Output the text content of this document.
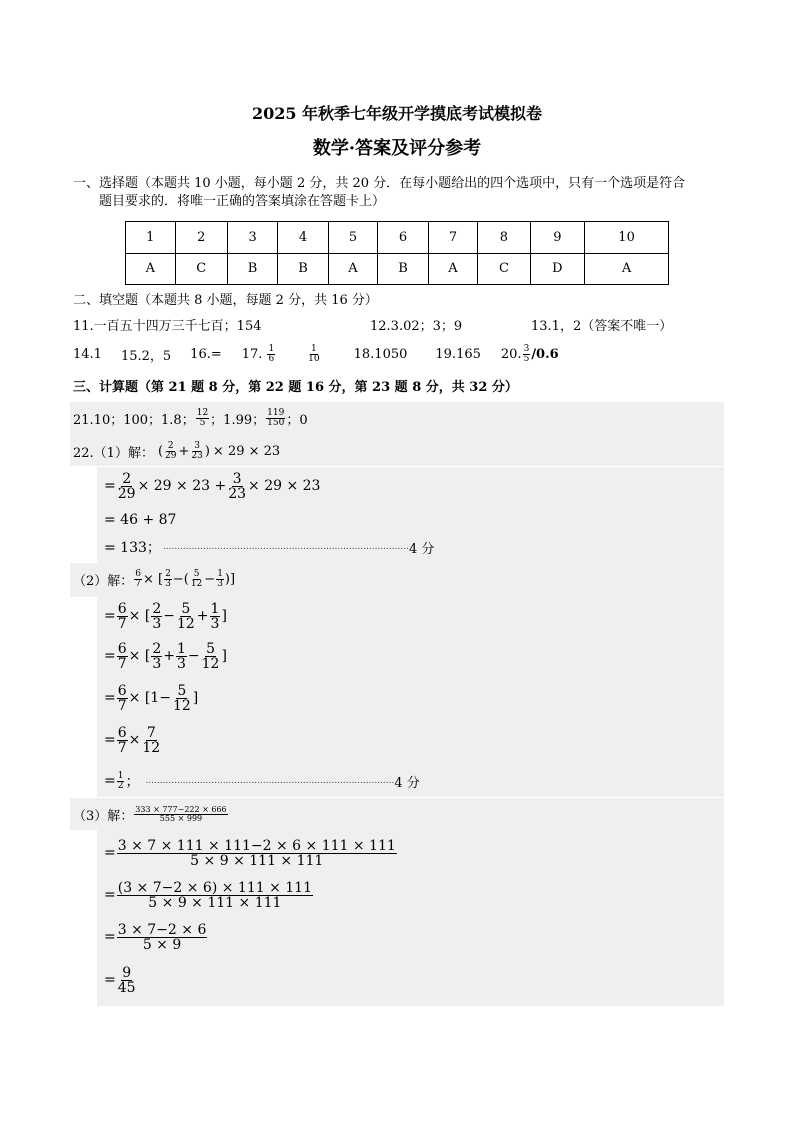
2025 年秋季七年级开学摸底考试模拟卷
数学·答案及评分参考
一、选择题（本题共 10 小题，每小题 2 分，共 20 分．在每小题给出的四个选项中，只有一个选项是符合
题目要求的．将唯一正确的答案填涂在答题卡上）
1	2	3	4	5	6	7	8	9	10
A	C	B	B	A	B	A	C	D	A
二、填空题（本题共 8 小题，每题 2 分，共 16 分）
11.一百五十四万三千七百；154	12.3.02；3；9	13.1，2（答案不唯一）
14.1 15.2，5 16.= 17. $\frac{1}{6}$	$\frac{1}{10}$	18.1050 19.165 20. $\frac{3}{5} /0.6$
三、计算题（第 21 题 8 分，第 22 题 16 分，第 23 题 8 分，共 32 分）
21.10；100；1.8； $\frac{12}{5}$ ；1.99； $\frac{119}{150}$ ；0
22.（1）解： ( $\frac{2}{29} + \frac{3}{23}$ ) × 29 × 23
= $\frac{2}{29} \times 29 \times 23 + \frac{3}{23} \times 29 \times 23$
= 46 + 87
= 133； ...................................................................................... 4 分
（2）解： $\frac{6}{7}$ × [ $\frac{2}{3}$ −( $\frac{5}{12} - \frac{1}{3}$ )]
= $\frac{6}{7}$ × [ $\frac{2}{3} - \frac{5}{12} + \frac{1}{3}$ ]
= $\frac{6}{7}$ × [ $\frac{2}{3} + \frac{1}{3} - \frac{5}{12}$ ]
= $\frac{6}{7} \times [1- \frac{5}{12}$ ]
= $\frac{6}{7} \times \frac{7}{12}$
= $\frac{1}{2}$ ； ....................................................................................... 4 分
（3）解： $\frac{333 \times 777-222 \times 666}{555 \times 999}$
= $\frac{3 \times 7 \times 111 \times 111-2 \times 6 \times 111 \times 111}{5 \times 9 \times 111 \times 111}$
= $\frac{(3 \times 7-2 \times 6) \times 111 \times 111}{5 \times 9 \times 111 \times 111}$
= $\frac{3 \times 7-2 \times 6}{5 \times 9}$
= $\frac{9}{45}$
